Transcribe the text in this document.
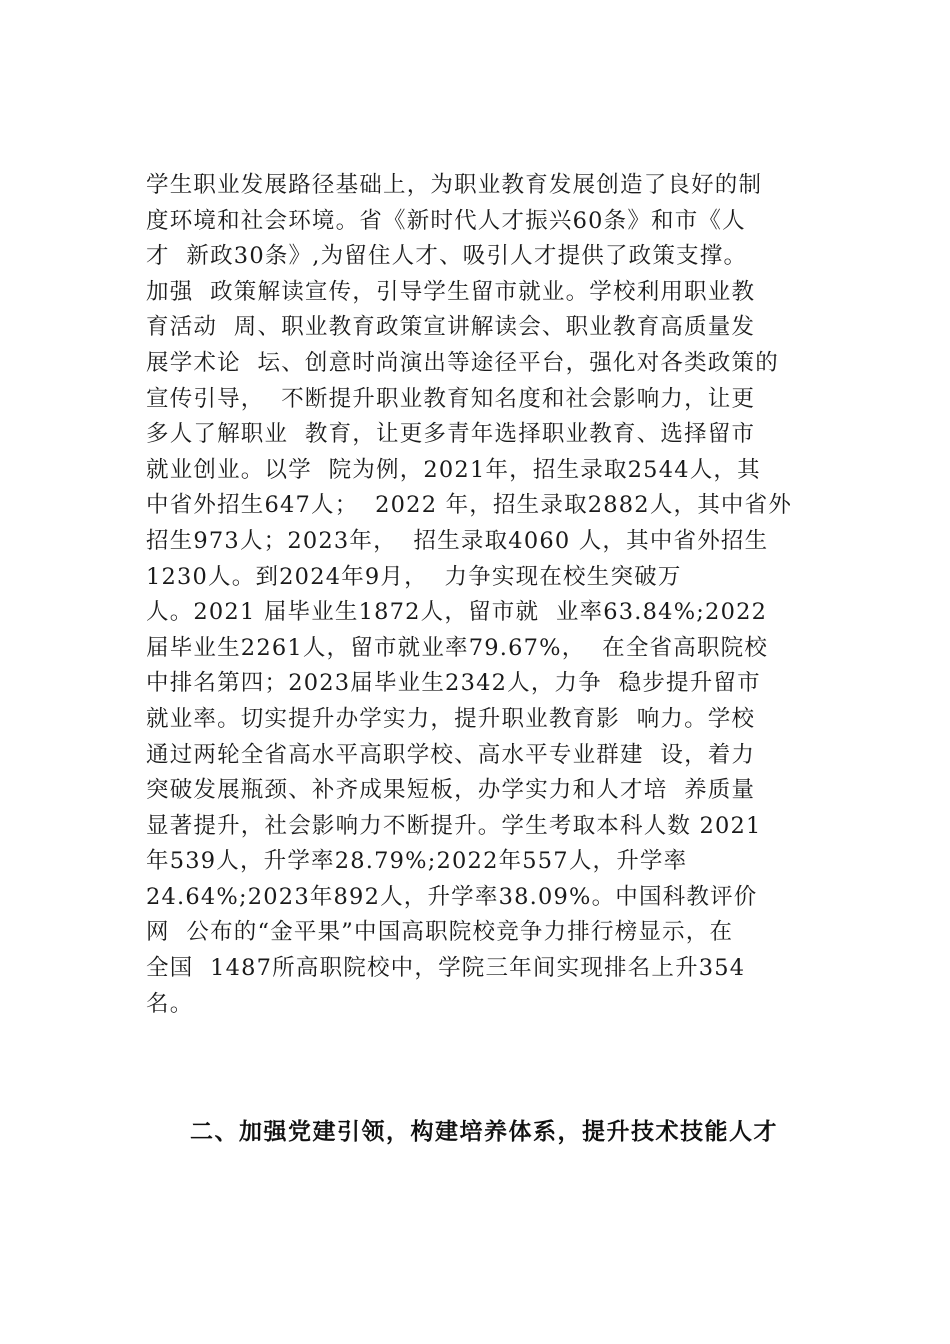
学生职业发展路径基础上，为职业教育发展创造了良好的制
度环境和社会环境。省《新时代人才振兴60条》和市《人
才  新政30条》,为留住人才、吸引人才提供了政策支撑。
加强  政策解读宣传，引导学生留市就业。学校利用职业教
育活动  周、职业教育政策宣讲解读会、职业教育高质量发
展学术论  坛、创意时尚演出等途径平台，强化对各类政策的
宣传引导，  不断提升职业教育知名度和社会影响力，让更
多人了解职业  教育，让更多青年选择职业教育、选择留市
就业创业。以学  院为例，2021年，招生录取2544人，其
中省外招生647人；  2022 年，招生录取2882人，其中省外
招生973人；2023年，  招生录取4060 人，其中省外招生
1230人。到2024年9月，  力争实现在校生突破万
人。2021 届毕业生1872人，留市就  业率63.84%;2022
届毕业生2261人，留市就业率79.67%，  在全省高职院校
中排名第四；2023届毕业生2342人，力争  稳步提升留市
就业率。切实提升办学实力，提升职业教育影  响力。学校
通过两轮全省高水平高职学校、高水平专业群建  设，着力
突破发展瓶颈、补齐成果短板，办学实力和人才培  养质量
显著提升，社会影响力不断提升。学生考取本科人数 2021
年539人，升学率28.79%;2022年557人，升学率
24.64%;2023年892人，升学率38.09%。中国科教评价
网  公布的“金平果”中国高职院校竞争力排行榜显示，在
全国  1487所高职院校中，学院三年间实现排名上升354
名。
二、加强党建引领，构建培养体系，提升技术技能人才
